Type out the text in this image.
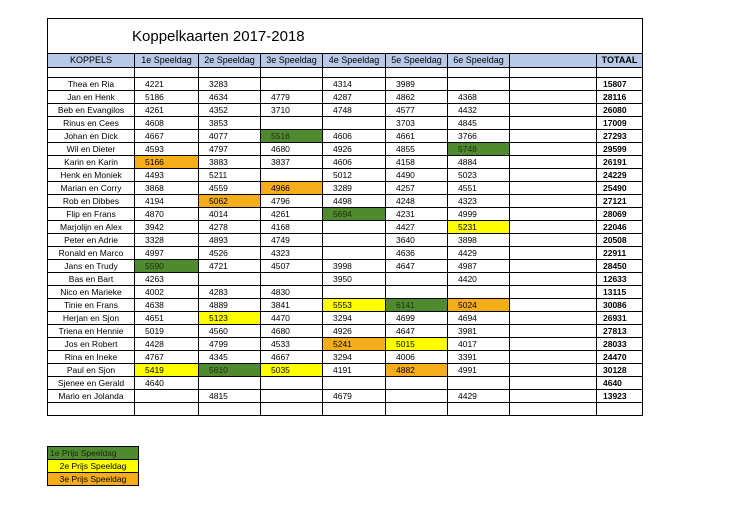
Koppelkaarten 2017-2018								
KOPPELS	1e Speeldag	2e Speeldag	3e Speeldag	4e Speeldag	5e Speeldag	6e Speeldag		TOTAAL

Thea en Ria	4221	3283		4314	3989			15807
Jan en Henk	5186	4634	4779	4287	4862	4368		28116
Beb en Evangilos	4261	4352	3710	4748	4577	4432		26080
Rinus en Cees	4608	3853			3703	4845		17009
Johan en Dick	4667	4077	5516	4606	4661	3766		27293
Wil en Dieter	4593	4797	4680	4926	4855	5748		29599
Karin en Karin	5166	3883	3837	4606	4158	4884		26191
Henk en Moniek	4493	5211		5012	4490	5023		24229
Marian en Corry	3868	4559	4966	3289	4257	4551		25490
Rob en Dibbes	4194	5062	4796	4498	4248	4323		27121
Flip en Frans	4870	4014	4261	5694	4231	4999		28069
Marjolijn en Alex	3942	4278	4168		4427	5231		22046
Peter en Adrie	3328	4893	4749		3640	3898		20508
Ronald en Marco	4997	4526	4323		4636	4429		22911
Jans en Trudy	5590	4721	4507	3998	4647	4987		28450
Bas en Bart	4263			3950		4420		12633
Nico en Marieke	4002	4283	4830					13115
Tinie en Frans	4638	4889	3841	5553	6141	5024		30086
Herjan en Sjon	4651	5123	4470	3294	4699	4694		26931
Triena en Hennie	5019	4560	4680	4926	4647	3981		27813
Jos en Robert	4428	4799	4533	5241	5015	4017		28033
Rina en Ineke	4767	4345	4667	3294	4006	3391		24470
Paul en Sjon	5419	5610	5035	4191	4882	4991		30128
Sjenee en Gerald	4640							4640
Mario en Jolanda		4815		4679		4429		13923

1e Prijs Speeldag
2e Prijs Speeldag
3e Prijs Speeldag
